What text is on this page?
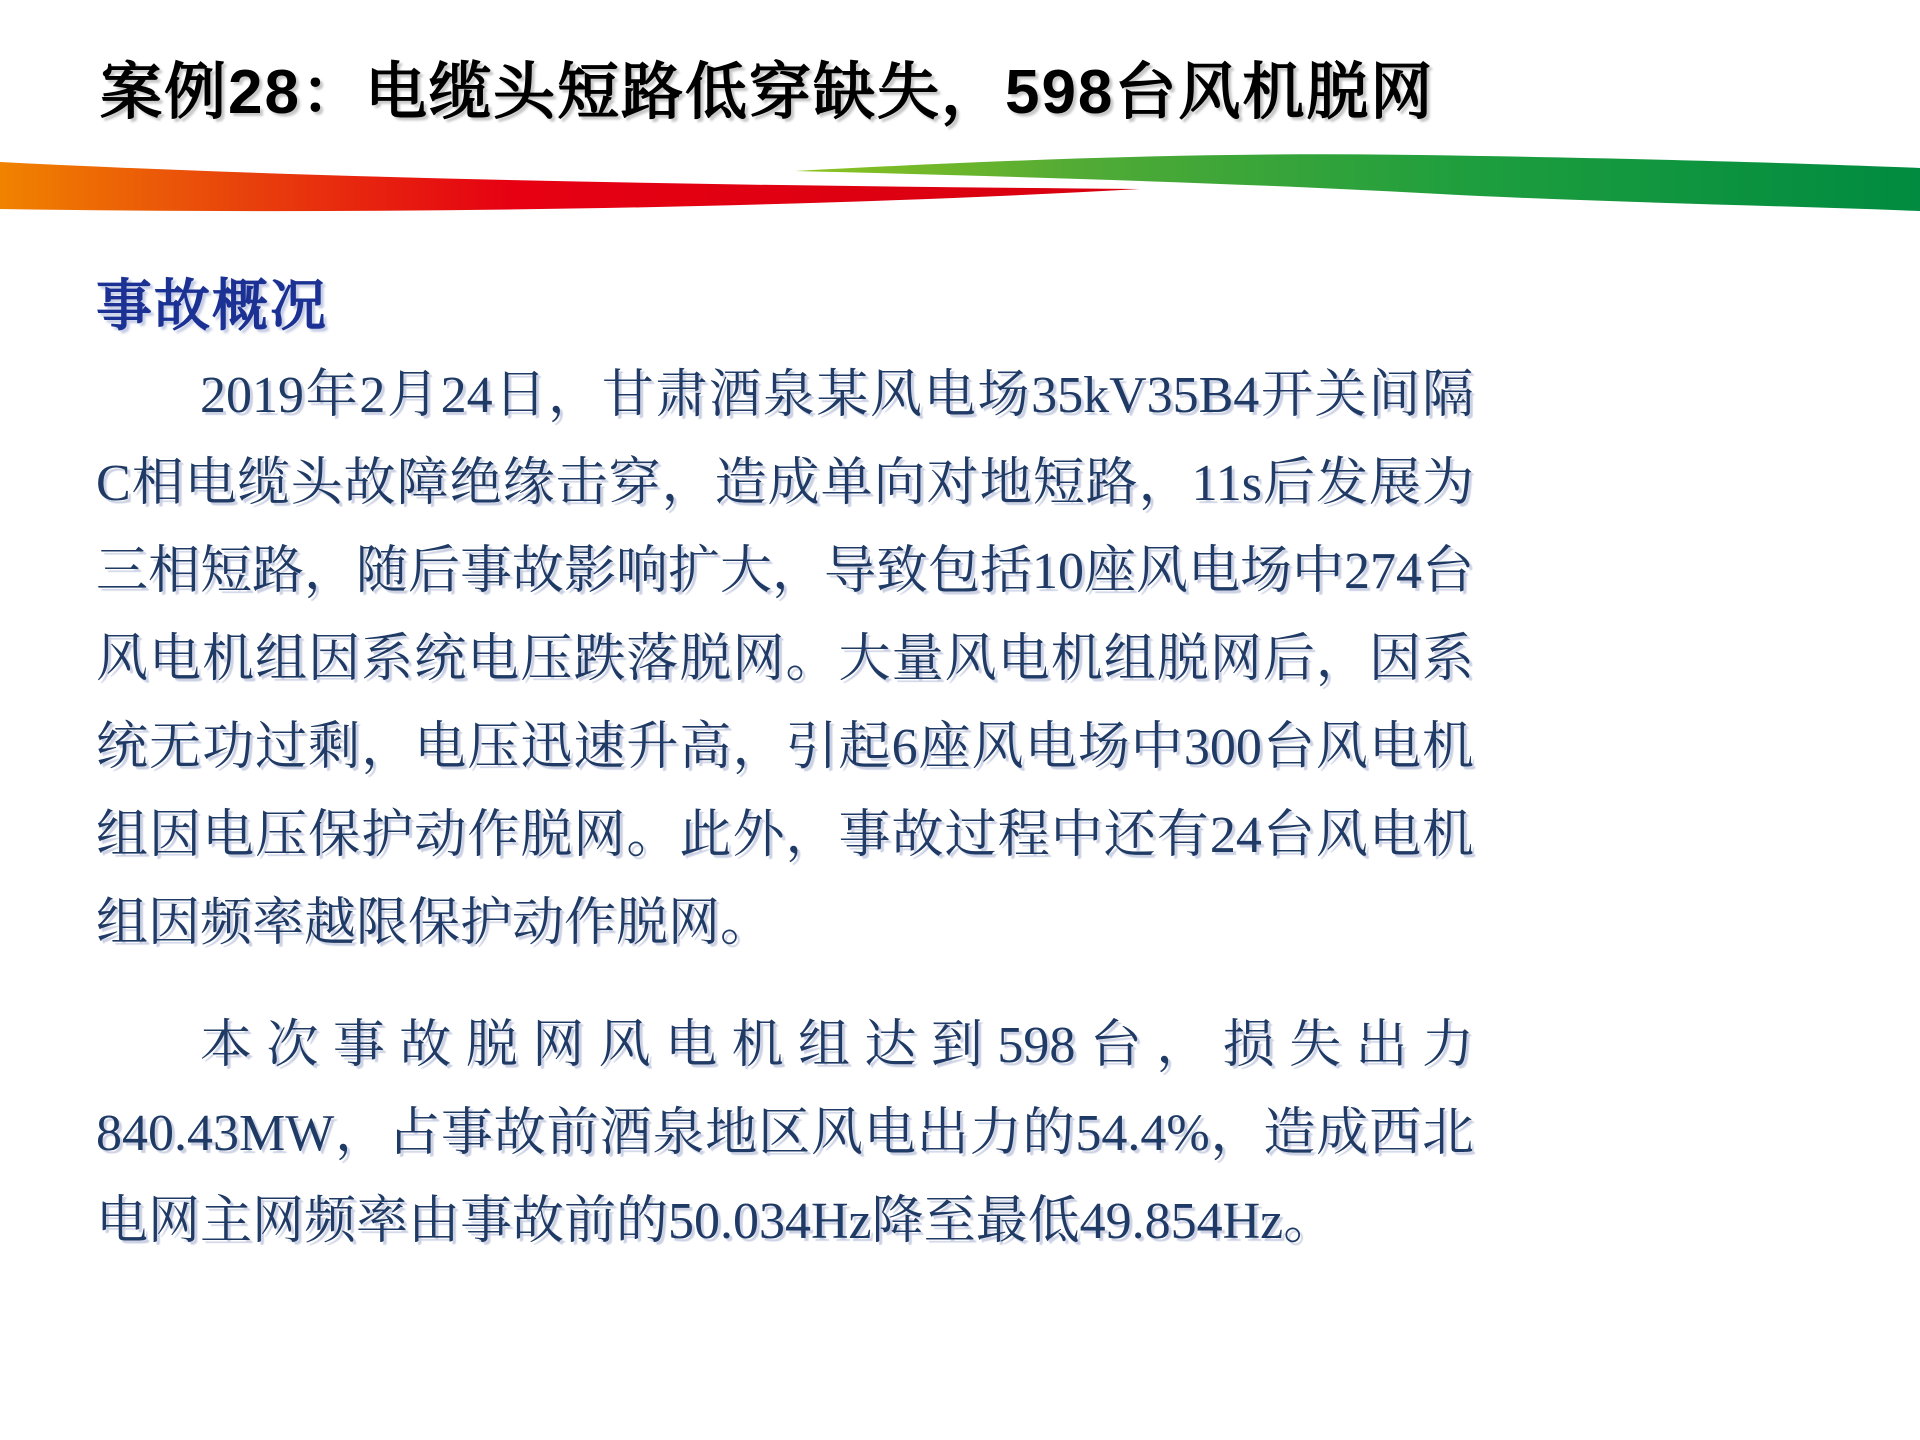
案例28：电缆头短路低穿缺失，598台风机脱网
事故概况

2019年2月24日，甘肃酒泉某风电场35kV35B4开关间隔C相电缆头故障绝缘击穿，造成单向对地短路，11s后发展为三相短路，随后事故影响扩大，导致包括10座风电场中274台风电机组因系统电压跌落脱网。大量风电机组脱网后，因系统无功过剩，电压迅速升高，引起6座风电场中300台风电机组因电压保护动作脱网。此外，事故过程中还有24台风电机组因频率越限保护动作脱网。

本次事故脱网风电机组达到598台，损失出力840.43MW，占事故前酒泉地区风电出力的54.4%，造成西北电网主网频率由事故前的50.034Hz降至最低49.854Hz。
